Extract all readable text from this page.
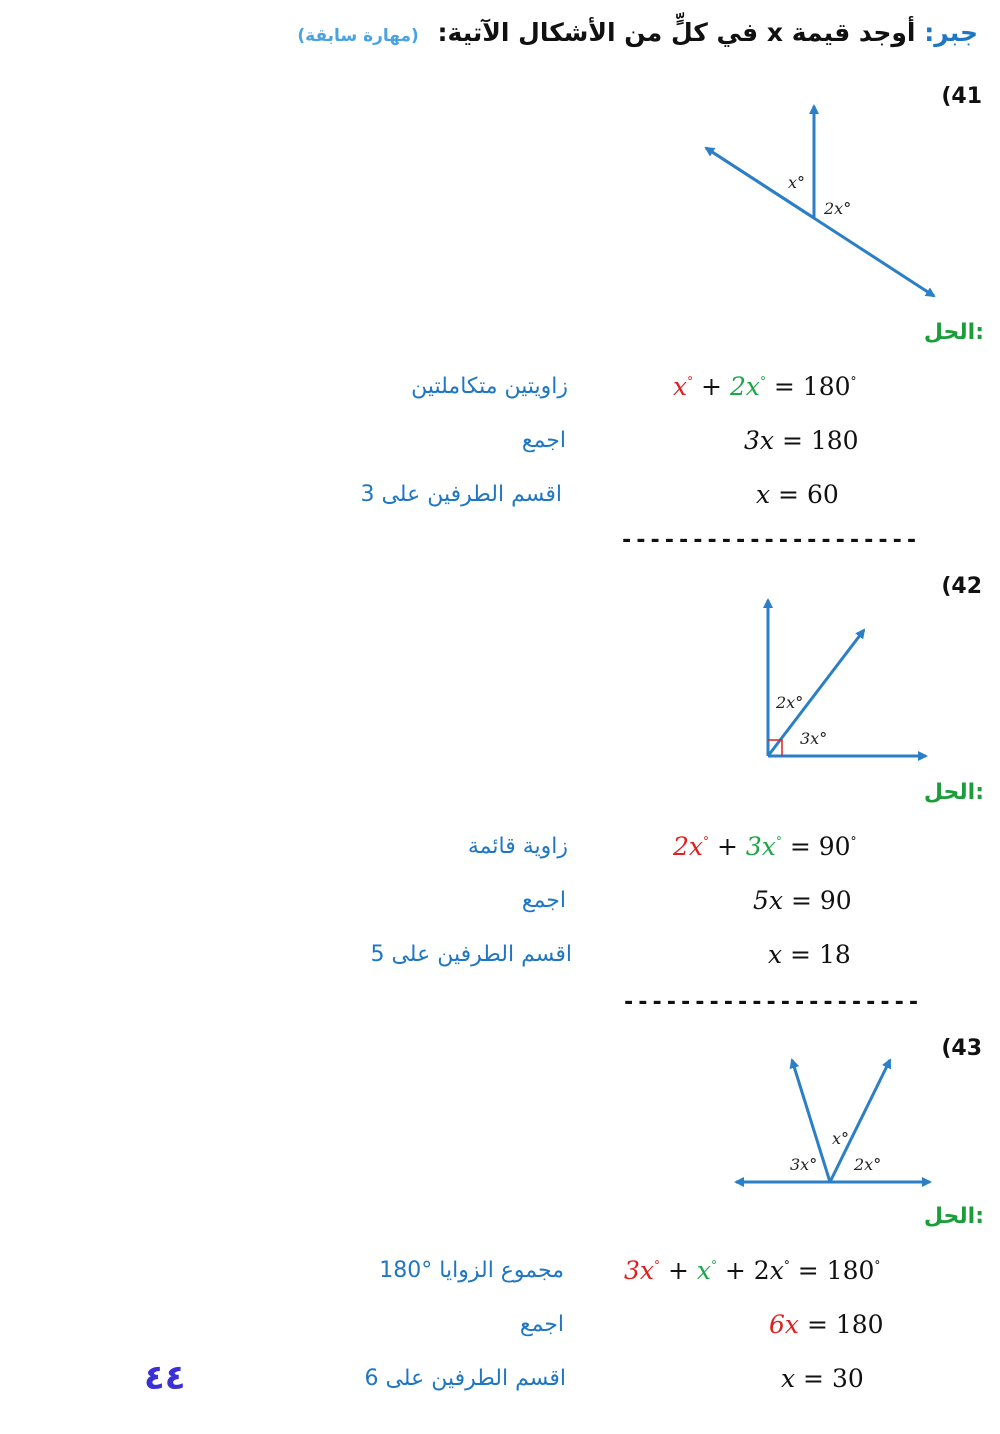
جبر: أوجد قيمة x في كلٍّ من الأشكال الآتية: (مهارة سابقة)
(41
x°
2x°
الحل:
x° + 2x° = 180°
زاويتين متكاملتين
3x = 180
اجمع
x = 60
اقسم الطرفين على 3
---------------------
(42
2x°
3x°
الحل:
2x° + 3x° = 90°
زاوية قائمة
5x = 90
اجمع
x = 18
اقسم الطرفين على 5
---------------------
(43
x°
3x° 2x°
الحل:
3x° + x° + 2x° = 180°
مجموع الزوايا °180
6x = 180
اجمع
x = 30
اقسم الطرفين على 6
٤٤
